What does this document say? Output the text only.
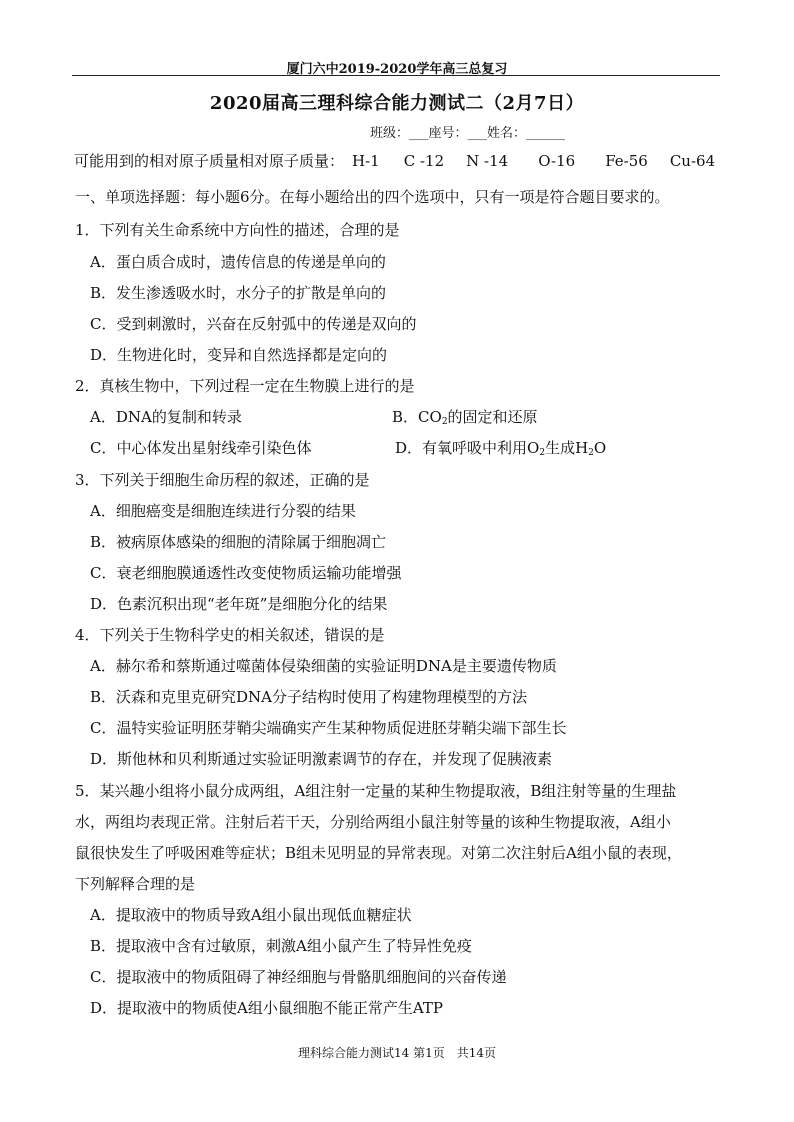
厦门六中2019-2020学年高三总复习
2020届高三理科综合能力测试二（2月7日）
班级：___座号：___姓名：______
可能用到的相对原子质量相对原子质量： H-1 C -12 N -14 O-16 Fe-56 Cu-64
一、单项选择题：每小题6分。在每小题给出的四个选项中，只有一项是符合题目要求的。
1．下列有关生命系统中方向性的描述，合理的是
A．蛋白质合成时，遗传信息的传递是单向的
B．发生渗透吸水时，水分子的扩散是单向的
C．受到刺激时，兴奋在反射弧中的传递是双向的
D．生物进化时，变异和自然选择都是定向的
2．真核生物中，下列过程一定在生物膜上进行的是
A．DNA的复制和转录	B．$CO_2$的固定和还原
C．中心体发出星射线牵引染色体	D．有氧呼吸中利用$O_2$生成$H_2O$
3．下列关于细胞生命历程的叙述，正确的是
A．细胞癌变是细胞连续进行分裂的结果
B．被病原体感染的细胞的清除属于细胞凋亡
C．衰老细胞膜通透性改变使物质运输功能增强
D．色素沉积出现“老年斑”是细胞分化的结果
4．下列关于生物科学史的相关叙述，错误的是
A．赫尔希和蔡斯通过噬菌体侵染细菌的实验证明DNA是主要遗传物质
B．沃森和克里克研究DNA分子结构时使用了构建物理模型的方法
C．温特实验证明胚芽鞘尖端确实产生某种物质促进胚芽鞘尖端下部生长
D．斯他林和贝利斯通过实验证明激素调节的存在，并发现了促胰液素
5．某兴趣小组将小鼠分成两组，A组注射一定量的某种生物提取液，B组注射等量的生理盐
水，两组均表现正常。注射后若干天，分别给两组小鼠注射等量的该种生物提取液，A组小
鼠很快发生了呼吸困难等症状；B组未见明显的异常表现。对第二次注射后A组小鼠的表现，
下列解释合理的是
A．提取液中的物质导致A组小鼠出现低血糖症状
B．提取液中含有过敏原，刺激A组小鼠产生了特异性免疫
C．提取液中的物质阻碍了神经细胞与骨骼肌细胞间的兴奋传递
D．提取液中的物质使A组小鼠细胞不能正常产生ATP
理科综合能力测试14 第1页　共14页
